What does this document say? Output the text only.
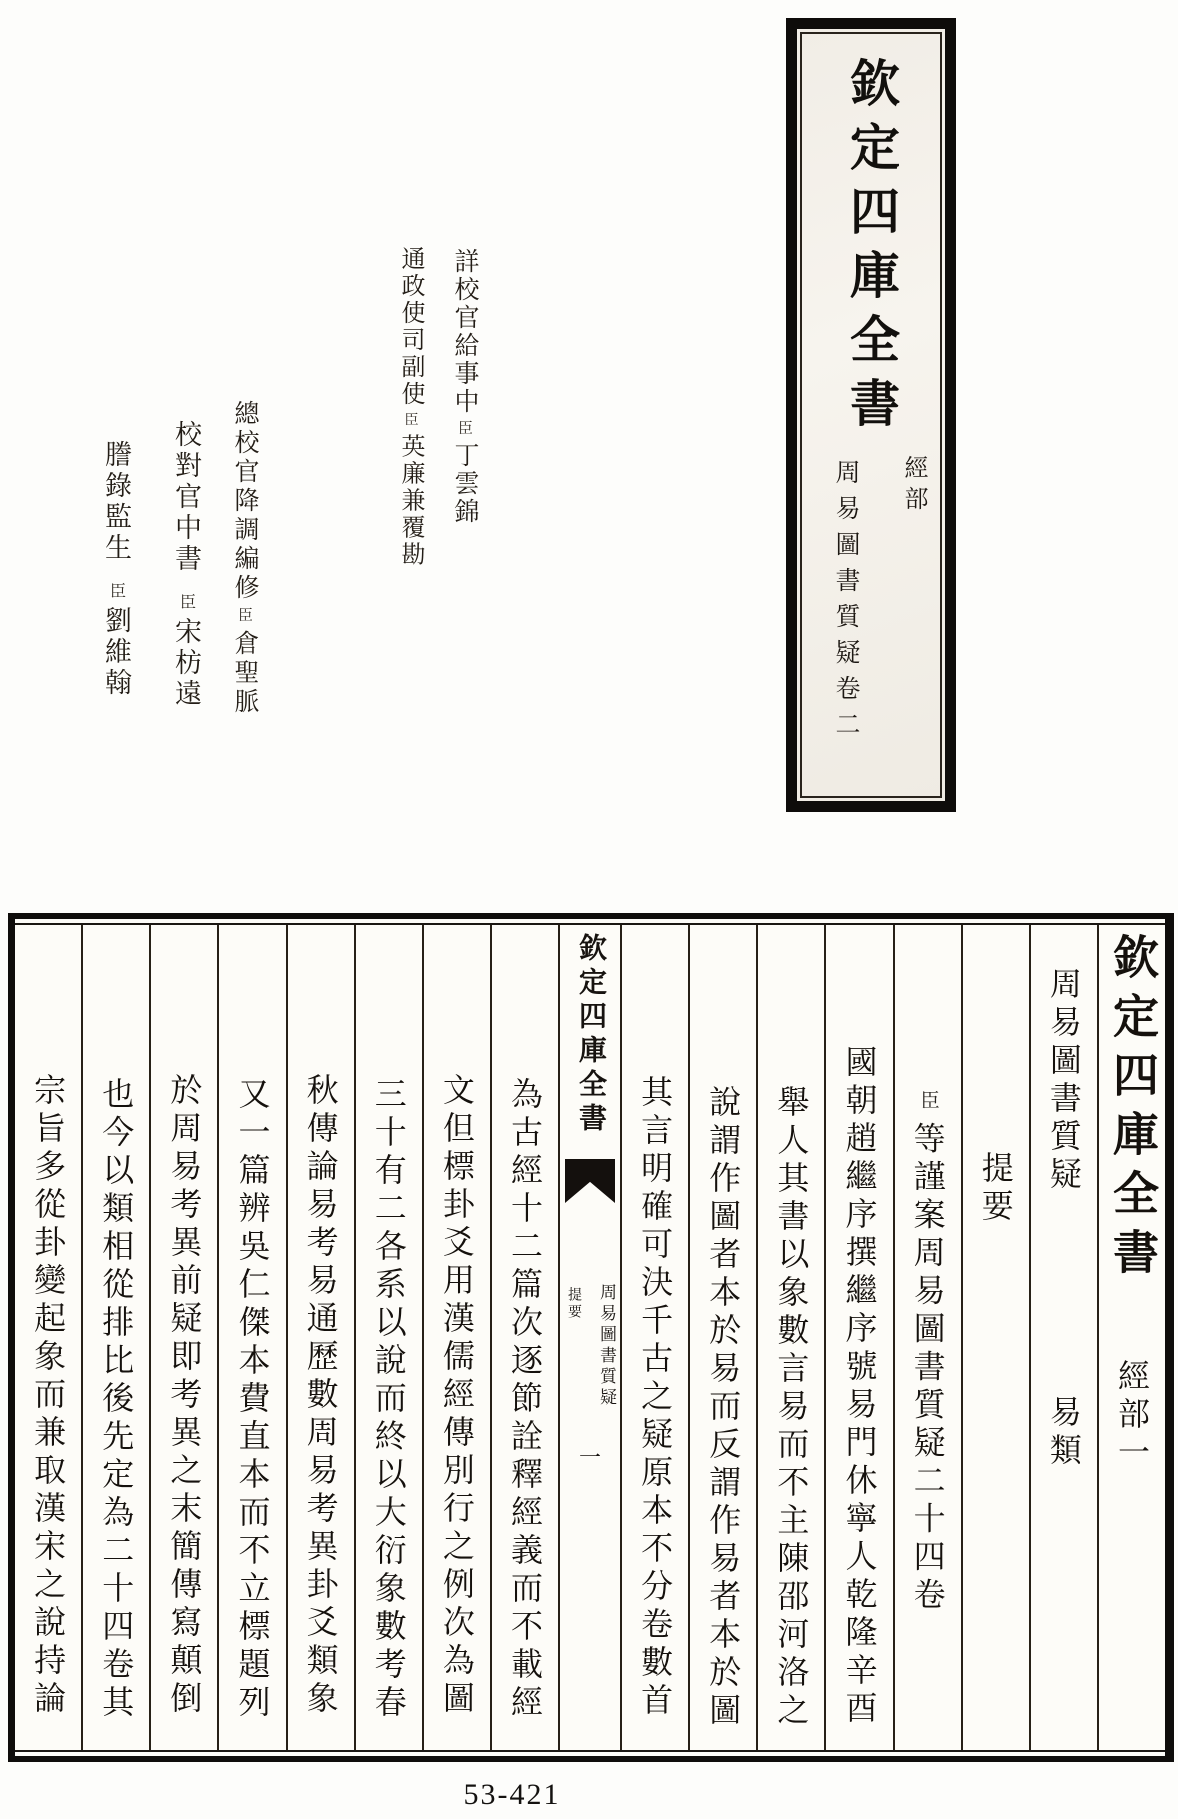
欽定四庫全書
經部
周易圖書質疑卷二
詳校官給事中臣丁雲錦
通政使司副使臣英廉兼覆勘
總校官降調編修臣倉聖脈
校對官中書臣宋枋遠
謄錄監生臣劉維翰
欽定四庫全書經部一
周易圖書質疑易類
提要
臣等謹案周易圖書質疑二十四卷
國朝趙繼序撰繼序號易門休寧人乾隆辛酉
舉人其書以象數言易而不主陳邵河洛之
說謂作圖者本於易而反謂作易者本於圖
其言明確可決千古之疑原本不分卷數首
欽定四庫全書
周易圖書質疑
提要
一
為古經十二篇次逐節詮釋經義而不載經
文但標卦爻用漢儒經傳別行之例次為圖
三十有二各系以說而終以大衍象數考春
秋傳論易考易通歷數周易考異卦爻類象
又一篇辨吳仁傑本費直本而不立標題列
於周易考異前疑即考異之末簡傳寫顛倒
也今以類相從排比後先定為二十四卷其
宗旨多從卦變起象而兼取漢宋之說持論
53-421
